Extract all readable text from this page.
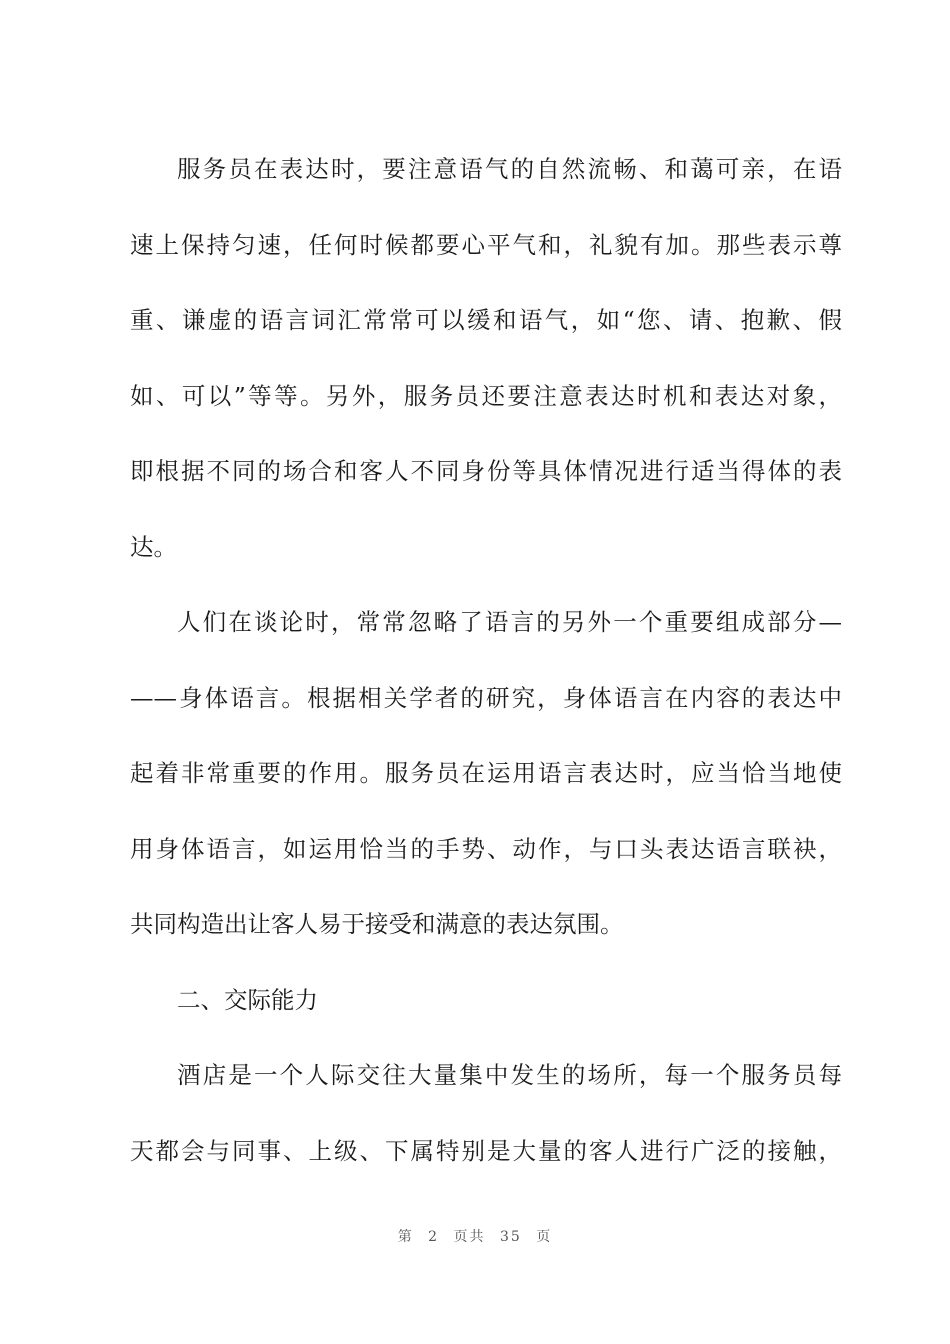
服务员在表达时，要注意语气的自然流畅、和蔼可亲，在语
速上保持匀速，任何时候都要心平气和，礼貌有加。那些表示尊
重、谦虚的语言词汇常常可以缓和语气，如“您、请、抱歉、假
如、可以”等等。另外，服务员还要注意表达时机和表达对象，
即根据不同的场合和客人不同身份等具体情况进行适当得体的表
达。
人们在谈论时，常常忽略了语言的另外一个重要组成部分—
——身体语言。根据相关学者的研究，身体语言在内容的表达中
起着非常重要的作用。服务员在运用语言表达时，应当恰当地使
用身体语言，如运用恰当的手势、动作，与口头表达语言联袂，
共同构造出让客人易于接受和满意的表达氛围。
二、交际能力
酒店是一个人际交往大量集中发生的场所，每一个服务员每
天都会与同事、上级、下属特别是大量的客人进行广泛的接触，
第 2 页共 35 页
